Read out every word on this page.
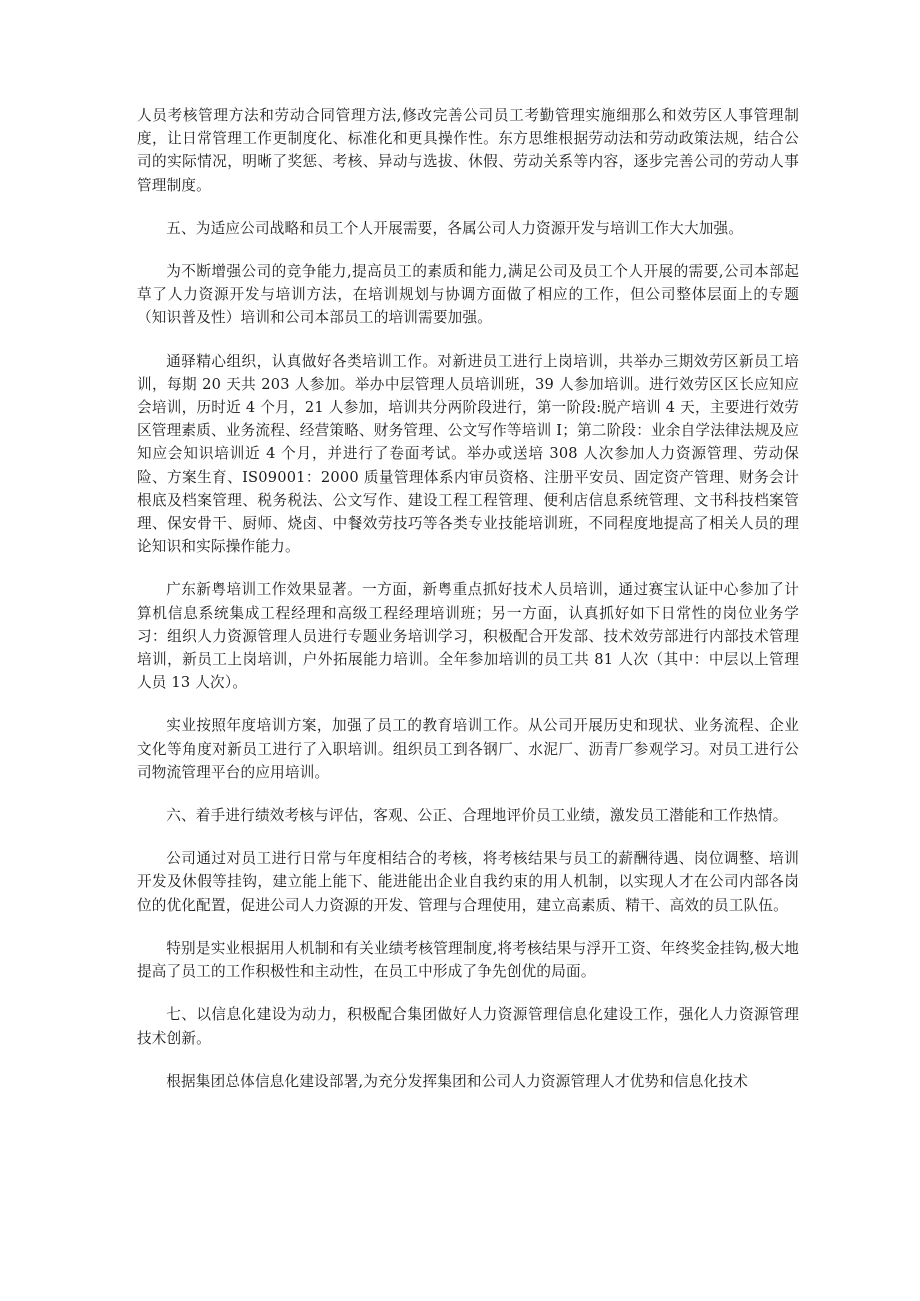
人员考核管理方法和劳动合同管理方法,修改完善公司员工考勤管理实施细那么和效劳区人事管理制度，让日常管理工作更制度化、标准化和更具操作性。东方思维根据劳动法和劳动政策法规，结合公司的实际情况，明晰了奖惩、考核、异动与选拔、休假、劳动关系等内容，逐步完善公司的劳动人事管理制度。

五、为适应公司战略和员工个人开展需要，各属公司人力资源开发与培训工作大大加强。

为不断增强公司的竞争能力,提高员工的素质和能力,满足公司及员工个人开展的需要,公司本部起草了人力资源开发与培训方法，在培训规划与协调方面做了相应的工作，但公司整体层面上的专题（知识普及性）培训和公司本部员工的培训需要加强。

通驿精心组织，认真做好各类培训工作。对新进员工进行上岗培训，共举办三期效劳区新员工培训，每期 20 天共 203 人参加。举办中层管理人员培训班，39 人参加培训。进行效劳区区长应知应会培训，历时近 4 个月，21 人参加，培训共分两阶段进行，第一阶段:脱产培训 4 天，主要进行效劳区管理素质、业务流程、经营策略、财务管理、公文写作等培训 I；第二阶段：业余自学法律法规及应知应会知识培训近 4 个月，并进行了卷面考试。举办或送培 308 人次参加人力资源管理、劳动保险、方案生育、IS09001：2000 质量管理体系内审员资格、注册平安员、固定资产管理、财务会计根底及档案管理、税务税法、公文写作、建设工程工程管理、便利店信息系统管理、文书科技档案管理、保安骨干、厨师、烧卤、中餐效劳技巧等各类专业技能培训班，不同程度地提高了相关人员的理论知识和实际操作能力。

广东新粤培训工作效果显著。一方面，新粤重点抓好技术人员培训，通过赛宝认证中心参加了计算机信息系统集成工程经理和高级工程经理培训班；另一方面，认真抓好如下日常性的岗位业务学习：组织人力资源管理人员进行专题业务培训学习，积极配合开发部、技术效劳部进行内部技术管理培训，新员工上岗培训，户外拓展能力培训。全年参加培训的员工共 81 人次（其中：中层以上管理人员 13 人次）。

实业按照年度培训方案，加强了员工的教育培训工作。从公司开展历史和现状、业务流程、企业文化等角度对新员工进行了入职培训。组织员工到各钢厂、水泥厂、沥青厂参观学习。对员工进行公司物流管理平台的应用培训。

六、着手进行绩效考核与评估，客观、公正、合理地评价员工业绩，激发员工潜能和工作热情。

公司通过对员工进行日常与年度相结合的考核，将考核结果与员工的薪酬待遇、岗位调整、培训开发及休假等挂钩，建立能上能下、能进能出企业自我约束的用人机制，以实现人才在公司内部各岗位的优化配置，促进公司人力资源的开发、管理与合理使用，建立高素质、精干、高效的员工队伍。

特别是实业根据用人机制和有关业绩考核管理制度,将考核结果与浮开工资、年终奖金挂钩,极大地提高了员工的工作积极性和主动性，在员工中形成了争先创优的局面。

七、以信息化建设为动力，积极配合集团做好人力资源管理信息化建设工作，强化人力资源管理技术创新。

根据集团总体信息化建设部署,为充分发挥集团和公司人力资源管理人才优势和信息化技术
